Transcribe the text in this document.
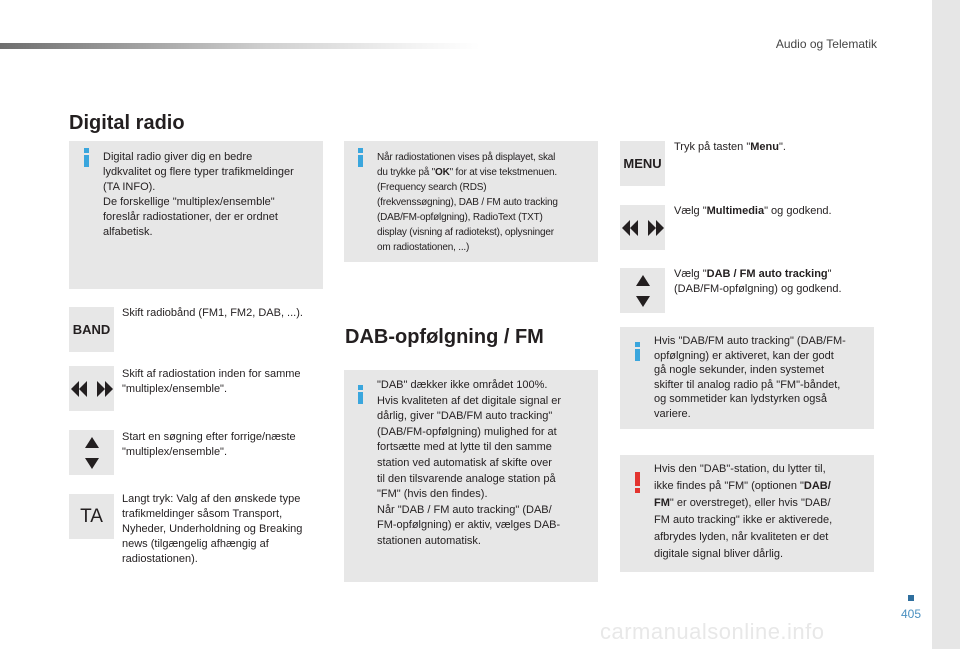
Audio og Telematik
Digital radio
Digital radio giver dig en bedre
lydkvalitet og flere typer trafikmeldinger
(TA INFO).
De forskellige "multiplex/ensemble"
foreslår radiostationer, der er ordnet
alfabetisk.
BAND
Skift radiobånd (FM1, FM2, DAB, ...).
Skift af radiostation inden for samme
"multiplex/ensemble".
Start en søgning efter forrige/næste
"multiplex/ensemble".
TA
Langt tryk: Valg af den ønskede type
trafikmeldinger såsom Transport,
Nyheder, Underholdning og Breaking
news (tilgængelig afhængig af
radiostationen).
Når radiostationen vises på displayet, skal
du trykke på "OK" for at vise tekstmenuen.
(Frequency search (RDS)
(frekvenssøgning), DAB / FM auto tracking
(DAB/FM-opfølgning), RadioText (TXT)
display (visning af radiotekst), oplysninger
om radiostationen, ...)
DAB-opfølgning / FM
"DAB" dækker ikke området 100%.
Hvis kvaliteten af det digitale signal er
dårlig, giver "DAB/FM auto tracking"
(DAB/FM-opfølgning) mulighed for at
fortsætte med at lytte til den samme
station ved automatisk af skifte over
til den tilsvarende analoge station på
"FM" (hvis den findes).
Når "DAB / FM auto tracking" (DAB/
FM-opfølgning) er aktiv, vælges DAB-
stationen automatisk.
MENU
Tryk på tasten "Menu".
Vælg "Multimedia" og godkend.
Vælg "DAB / FM auto tracking"
(DAB/FM-opfølgning) og godkend.
Hvis "DAB/FM auto tracking" (DAB/FM-
opfølgning) er aktiveret, kan der godt
gå nogle sekunder, inden systemet
skifter til analog radio på "FM"-båndet,
og sommetider kan lydstyrken også
variere.
Hvis den "DAB"-station, du lytter til,
ikke findes på "FM" (optionen "DAB/
FM" er overstreget), eller hvis "DAB/
FM auto tracking" ikke er aktiverede,
afbrydes lyden, når kvaliteten er det
digitale signal bliver dårlig.
405
carmanualsonline.info
